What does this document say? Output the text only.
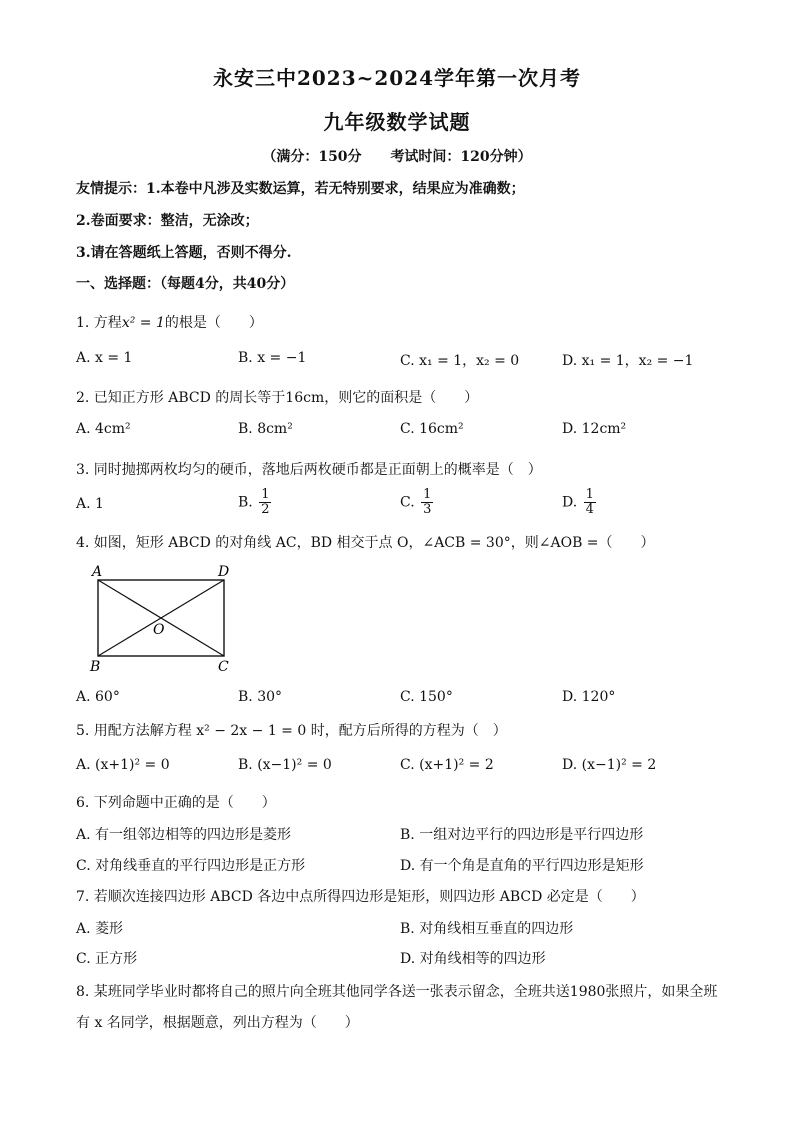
永安三中2023~2024学年第一次月考
九年级数学试题
（满分：150分 考试时间：120分钟）
友情提示：1.本卷中凡涉及实数运算，若无特别要求，结果应为准确数；
2.卷面要求：整洁，无涂改；
3.请在答题纸上答题，否则不得分.
一、选择题：（每题4分，共40分）
1. 方程x² = 1的根是（　　）
A. x = 1	B. x = −1	C. x₁ = 1，x₂ = 0	D. x₁ = 1，x₂ = −1
2. 已知正方形 ABCD 的周长等于16cm，则它的面积是（　　）
A. 4cm²	B. 8cm²	C. 16cm²	D. 12cm²
3. 同时抛掷两枚均匀的硬币，落地后两枚硬币都是正面朝上的概率是（　）
A. 1	B. $\frac{1}{2}$	C. $\frac{1}{3}$	D. $\frac{1}{4}$
4. 如图，矩形 ABCD 的对角线 AC，BD 相交于点 O，∠ACB = 30°，则∠AOB =（　　）
A	D
B	C
O
A. 60°	B. 30°	C. 150°	D. 120°
5. 用配方法解方程 x² − 2x − 1 = 0 时，配方后所得的方程为（　）
A. (x+1)² = 0	B. (x−1)² = 0	C. (x+1)² = 2	D. (x−1)² = 2
6. 下列命题中正确的是（　　）
A. 有一组邻边相等的四边形是菱形	B. 一组对边平行的四边形是平行四边形
C. 对角线垂直的平行四边形是正方形	D. 有一个角是直角的平行四边形是矩形
7. 若顺次连接四边形 ABCD 各边中点所得四边形是矩形，则四边形 ABCD 必定是（　　）
A. 菱形	B. 对角线相互垂直的四边形
C. 正方形	D. 对角线相等的四边形
8. 某班同学毕业时都将自己的照片向全班其他同学各送一张表示留念，全班共送1980张照片，如果全班
有 x 名同学，根据题意，列出方程为（　　）
